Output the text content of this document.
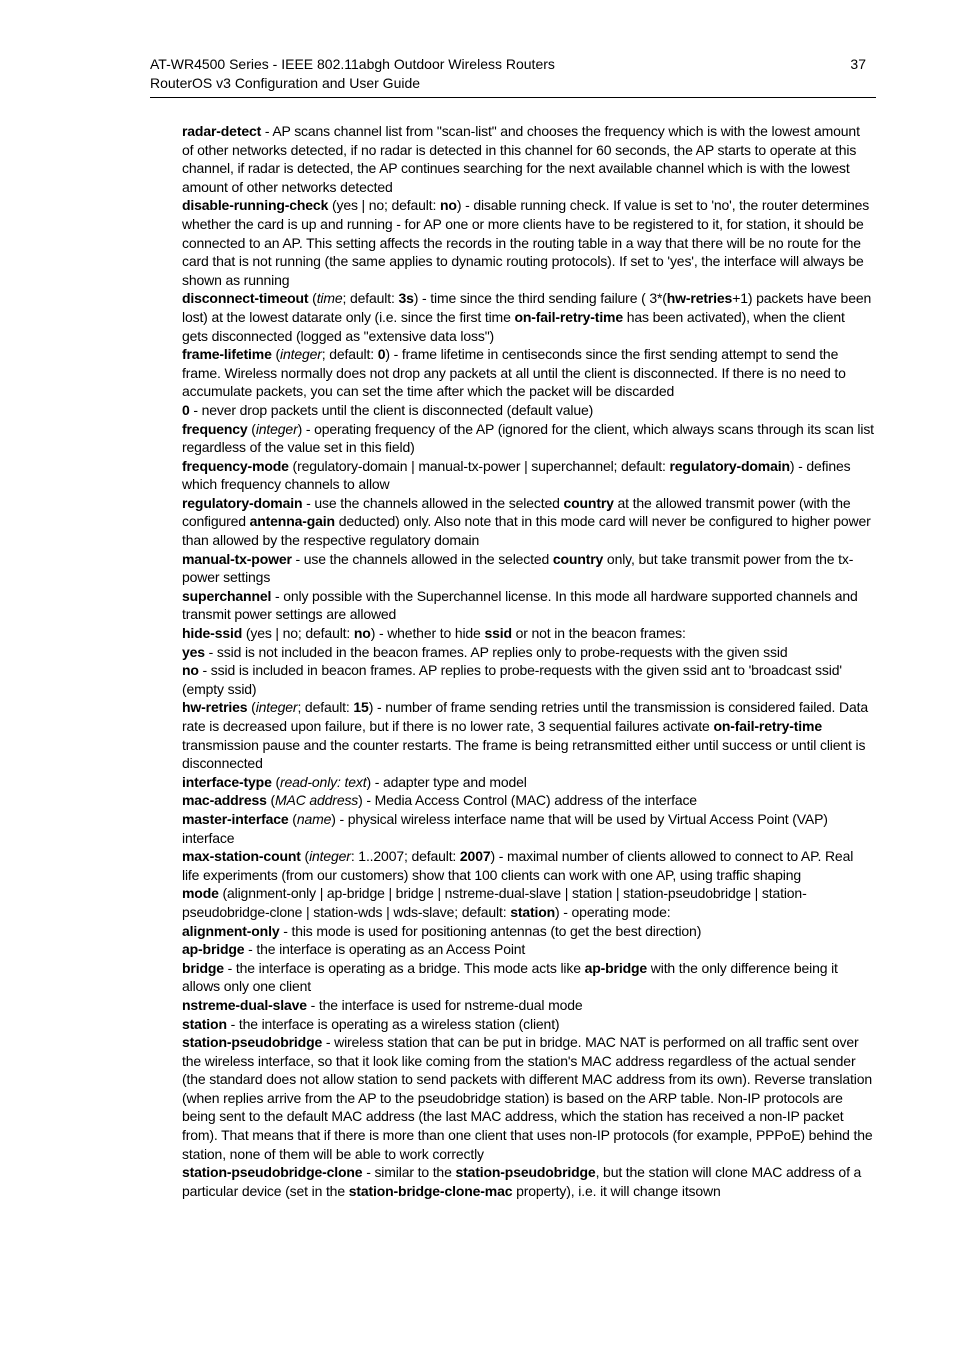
AT-WR4500 Series - IEEE 802.11abgh Outdoor Wireless Routers
RouterOS v3 Configuration and User Guide
37

radar-detect - AP scans channel list from "scan-list" and chooses the frequency which is with the lowest amount of other networks detected, if no radar is detected in this channel for 60 seconds, the AP starts to operate at this channel, if radar is detected, the AP continues searching for the next available channel which is with the lowest amount of other networks detected

disable-running-check (yes | no; default: no) - disable running check. If value is set to 'no', the router determines whether the card is up and running - for AP one or more clients have to be registered to it, for station, it should be connected to an AP. This setting affects the records in the routing table in a way that there will be no route for the card that is not running (the same applies to dynamic routing protocols). If set to 'yes', the interface will always be shown as running

disconnect-timeout (time; default: 3s) - time since the third sending failure ( 3*(hw-retries+1) packets have been lost) at the lowest datarate only (i.e. since the first time on-fail-retry-time has been activated), when the client gets disconnected (logged as "extensive data loss")

frame-lifetime (integer; default: 0) - frame lifetime in centiseconds since the first sending attempt to send the frame. Wireless normally does not drop any packets at all until the client is disconnected. If there is no need to accumulate packets, you can set the time after which the packet will be discarded

0 - never drop packets until the client is disconnected (default value)

frequency (integer) - operating frequency of the AP (ignored for the client, which always scans through its scan list regardless of the value set in this field)

frequency-mode (regulatory-domain | manual-tx-power | superchannel; default: regulatory-domain) - defines which frequency channels to allow

regulatory-domain - use the channels allowed in the selected country at the allowed transmit power (with the configured antenna-gain deducted) only. Also note that in this mode card will never be configured to higher power than allowed by the respective regulatory domain

manual-tx-power - use the channels allowed in the selected country only, but take transmit power from the tx-power settings

superchannel - only possible with the Superchannel license. In this mode all hardware supported channels and transmit power settings are allowed

hide-ssid (yes | no; default: no) - whether to hide ssid or not in the beacon frames:

yes - ssid is not included in the beacon frames. AP replies only to probe-requests with the given ssid

no - ssid is included in beacon frames. AP replies to probe-requests with the given ssid ant to 'broadcast ssid' (empty ssid)

hw-retries (integer; default: 15) - number of frame sending retries until the transmission is considered failed. Data rate is decreased upon failure, but if there is no lower rate, 3 sequential failures activate on-fail-retry-time transmission pause and the counter restarts. The frame is being retransmitted either until success or until client is disconnected

interface-type (read-only: text) - adapter type and model

mac-address (MAC address) - Media Access Control (MAC) address of the interface

master-interface (name) - physical wireless interface name that will be used by Virtual Access Point (VAP) interface

max-station-count (integer: 1..2007; default: 2007) - maximal number of clients allowed to connect to AP. Real life experiments (from our customers) show that 100 clients can work with one AP, using traffic shaping

mode (alignment-only | ap-bridge | bridge | nstreme-dual-slave | station | station-pseudobridge | station-pseudobridge-clone | station-wds | wds-slave; default: station) - operating mode:

alignment-only - this mode is used for positioning antennas (to get the best direction)

ap-bridge - the interface is operating as an Access Point

bridge - the interface is operating as a bridge. This mode acts like ap-bridge with the only difference being it allows only one client

nstreme-dual-slave - the interface is used for nstreme-dual mode

station - the interface is operating as a wireless station (client)

station-pseudobridge - wireless station that can be put in bridge. MAC NAT is performed on all traffic sent over the wireless interface, so that it look like coming from the station's MAC address regardless of the actual sender (the standard does not allow station to send packets with different MAC address from its own). Reverse translation (when replies arrive from the AP to the pseudobridge station) is based on the ARP table. Non-IP protocols are being sent to the default MAC address (the last MAC address, which the station has received a non-IP packet from). That means that if there is more than one client that uses non-IP protocols (for example, PPPoE) behind the station, none of them will be able to work correctly

station-pseudobridge-clone - similar to the station-pseudobridge, but the station will clone MAC address of a particular device (set in the station-bridge-clone-mac property), i.e. it will change itsown
